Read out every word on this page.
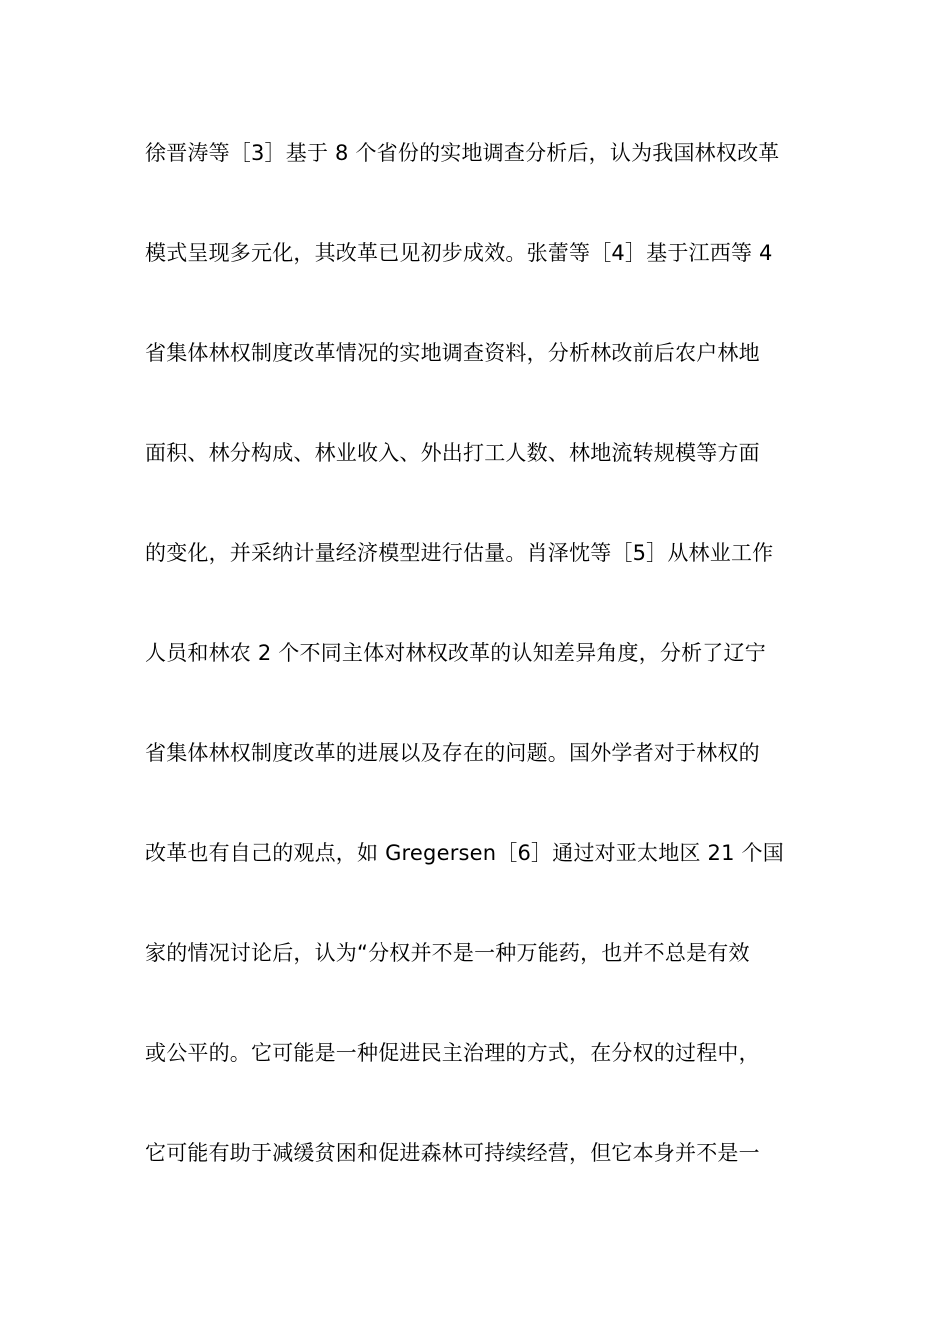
徐晋涛等［3］基于 8 个省份的实地调查分析后，认为我国林权改革
模式呈现多元化，其改革已见初步成效。张蕾等［4］基于江西等 4
省集体林权制度改革情况的实地调查资料，分析林改前后农户林地
面积、林分构成、林业收入、外出打工人数、林地流转规模等方面
的变化，并采纳计量经济模型进行估量。肖泽忱等［5］从林业工作
人员和林农 2 个不同主体对林权改革的认知差异角度，分析了辽宁
省集体林权制度改革的进展以及存在的问题。国外学者对于林权的
改革也有自己的观点，如 Gregersen［6］通过对亚太地区 21 个国
家的情况讨论后，认为“分权并不是一种万能药，也并不总是有效
或公平的。它可能是一种促进民主治理的方式，在分权的过程中，
它可能有助于减缓贫困和促进森林可持续经营，但它本身并不是一
